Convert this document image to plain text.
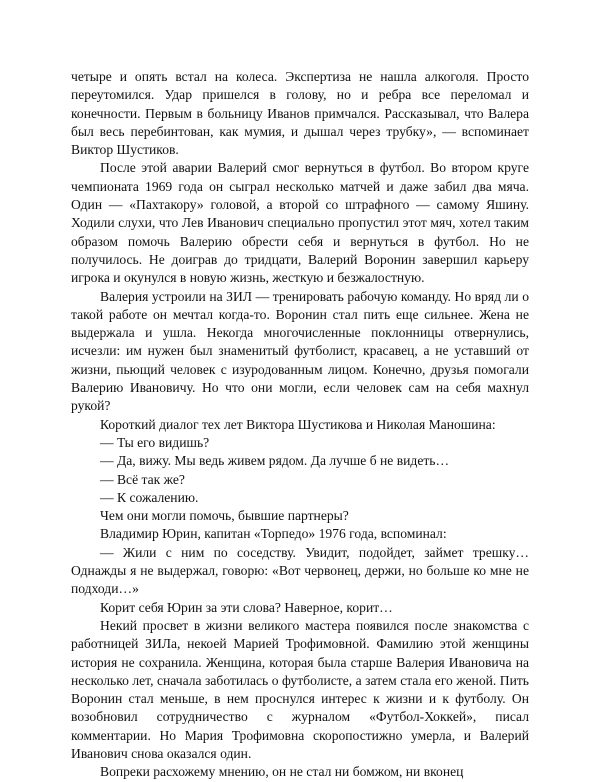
четыре и опять встал на колеса. Экспертиза не нашла алкоголя. Просто переутомился. Удар пришелся в голову, но и ребра все переломал и конечности. Первым в больницу Иванов примчался. Рассказывал, что Валера был весь перебинтован, как мумия, и дышал через трубку», — вспоминает Виктор Шустиков.

После этой аварии Валерий смог вернуться в футбол. Во втором круге чемпионата 1969 года он сыграл несколько матчей и даже забил два мяча. Один — «Пахтакору» головой, а второй со штрафного — самому Яшину. Ходили слухи, что Лев Иванович специально пропустил этот мяч, хотел таким образом помочь Валерию обрести себя и вернуться в футбол. Но не получилось. Не доиграв до тридцати, Валерий Воронин завершил карьеру игрока и окунулся в новую жизнь, жесткую и безжалостную.

Валерия устроили на ЗИЛ — тренировать рабочую команду. Но вряд ли о такой работе он мечтал когда-то. Воронин стал пить еще сильнее. Жена не выдержала и ушла. Некогда многочисленные поклонницы отвернулись, исчезли: им нужен был знаменитый футболист, красавец, а не уставший от жизни, пьющий человек с изуродованным лицом. Конечно, друзья помогали Валерию Ивановичу. Но что они могли, если человек сам на себя махнул рукой?

Короткий диалог тех лет Виктора Шустикова и Николая Маношина:

— Ты его видишь?

— Да, вижу. Мы ведь живем рядом. Да лучше б не видеть…

— Всё так же?

— К сожалению.

Чем они могли помочь, бывшие партнеры?

Владимир Юрин, капитан «Торпедо» 1976 года, вспоминал:

— Жили с ним по соседству. Увидит, подойдет, займет трешку… Однажды я не выдержал, говорю: «Вот червонец, держи, но больше ко мне не подходи…»

Корит себя Юрин за эти слова? Наверное, корит…

Некий просвет в жизни великого мастера появился после знакомства с работницей ЗИЛа, некоей Марией Трофимовной. Фамилию этой женщины история не сохранила. Женщина, которая была старше Валерия Ивановича на несколько лет, сначала заботилась о футболисте, а затем стала его женой. Пить Воронин стал меньше, в нем проснулся интерес к жизни и к футболу. Он возобновил сотрудничество с журналом «Футбол-Хоккей», писал комментарии. Но Мария Трофимовна скоропостижно умерла, и Валерий Иванович снова оказался один.

Вопреки расхожему мнению, он не стал ни бомжом, ни вконец
